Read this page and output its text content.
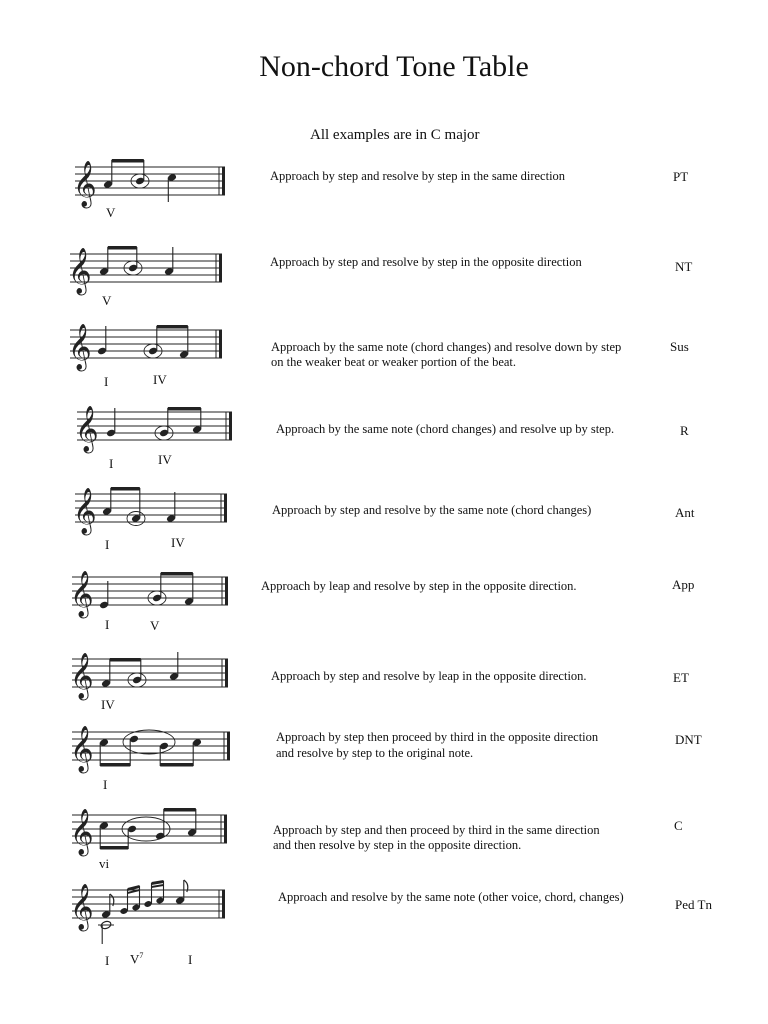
Non-chord Tone Table
All examples are in C major
𝄞
V
Approach by step and resolve by step in the same direction	PT
𝄞
V
Approach by step and resolve by step in the opposite direction	NT
𝄞
I	IV
Approach by the same note (chord changes) and resolve down by step
on the weaker beat or weaker portion of the beat.
Sus
𝄞
I	IV
Approach by the same note (chord changes) and resolve up by step.	R
𝄞
I	IV
Approach by step and resolve by the same note (chord changes)	Ant
𝄞
I	V
Approach by leap and resolve by step in the opposite direction.	App
𝄞
IV
Approach by step and resolve by leap in the opposite direction.	ET
𝄞
I
Approach by step then proceed by third in the opposite direction
and resolve by step to the original note.
DNT
𝄞
vi
Approach by step and then proceed by third in the same direction
and then resolve by step in the opposite direction.
C
𝄞
I $V^7$	I
Approach and resolve by the same note (other voice, chord, changes)	Ped Tn
